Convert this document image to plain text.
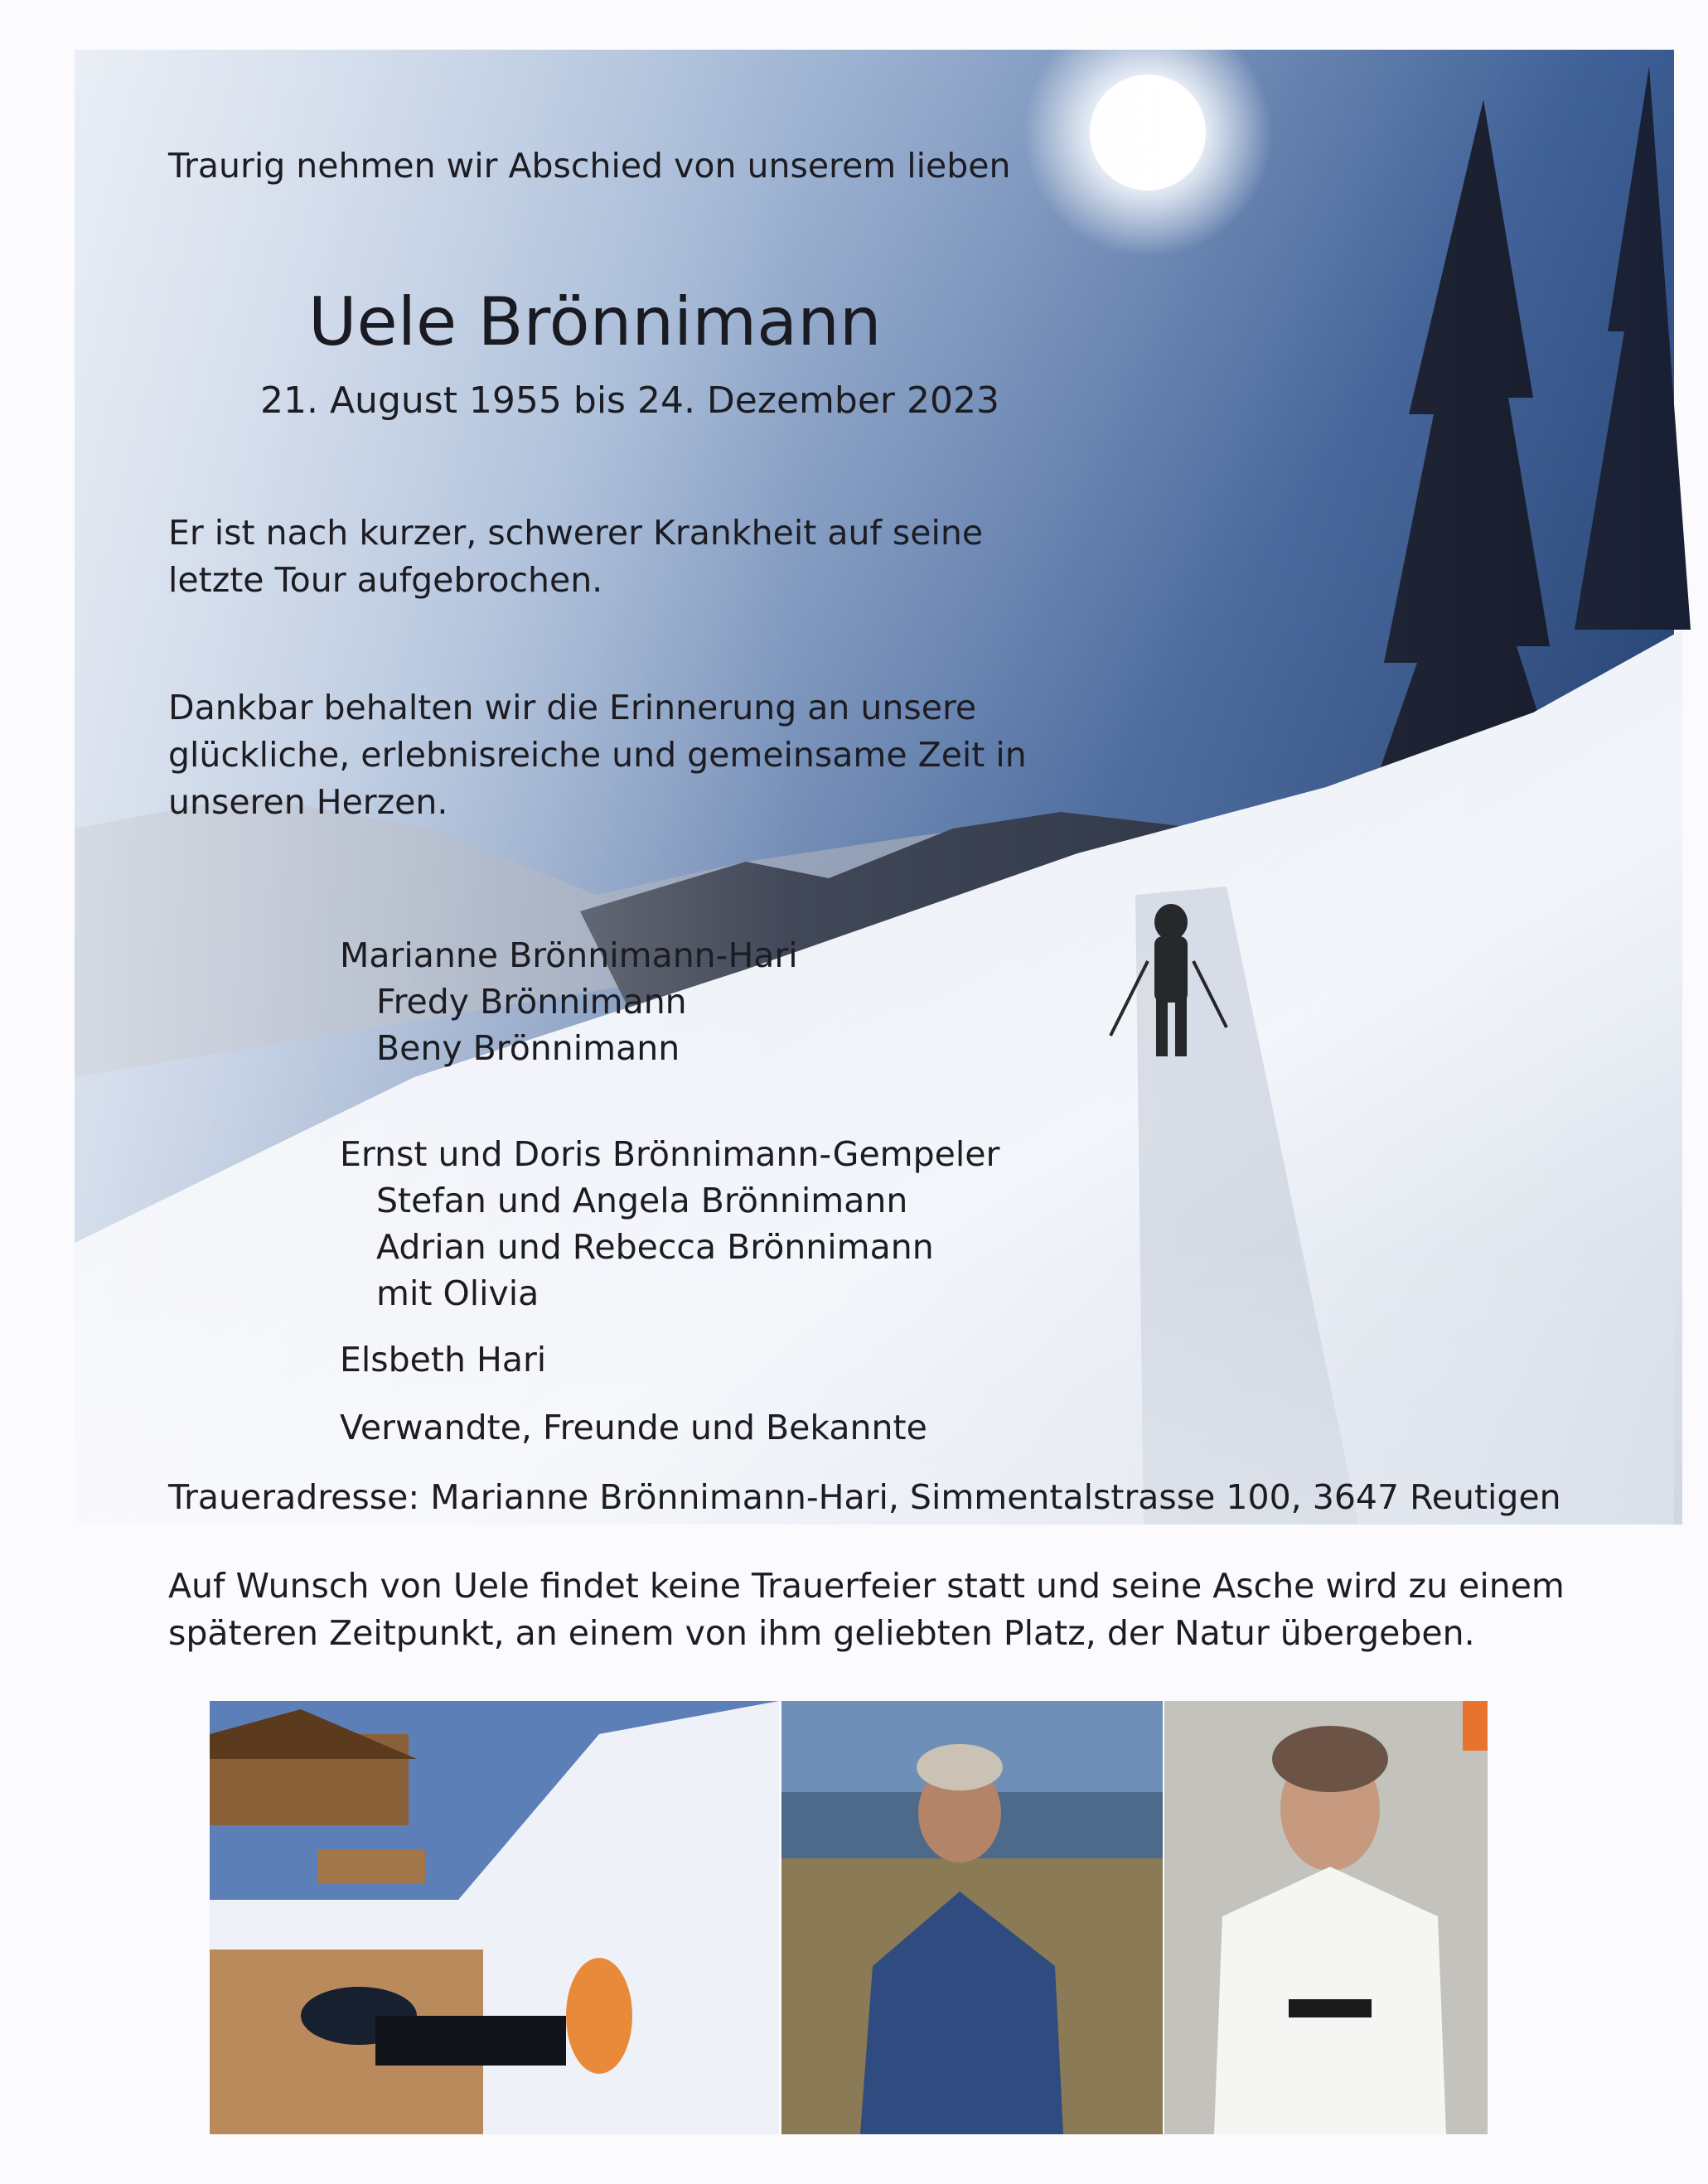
Traurig nehmen wir Abschied von unserem lieben
Uele Brönnimann
21. August 1955 bis 24. Dezember 2023
Er ist nach kurzer, schwerer Krankheit auf seine letzte Tour aufgebrochen.
Dankbar behalten wir die Erinnerung an unsere glückliche, erlebnisreiche und gemeinsame Zeit in unseren Herzen.
Marianne Brönnimann-Hari
Fredy Brönnimann
Beny Brönnimann
Ernst und Doris Brönnimann-Gempeler
Stefan und Angela Brönnimann
Adrian und Rebecca Brönnimann
mit Olivia
Elsbeth Hari
Verwandte, Freunde und Bekannte
Traueradresse: Marianne Brönnimann-Hari, Simmentalstrasse 100, 3647 Reutigen
Auf Wunsch von Uele findet keine Trauerfeier statt und seine Asche wird zu einem späteren Zeitpunkt, an einem von ihm geliebten Platz, der Natur übergeben.
